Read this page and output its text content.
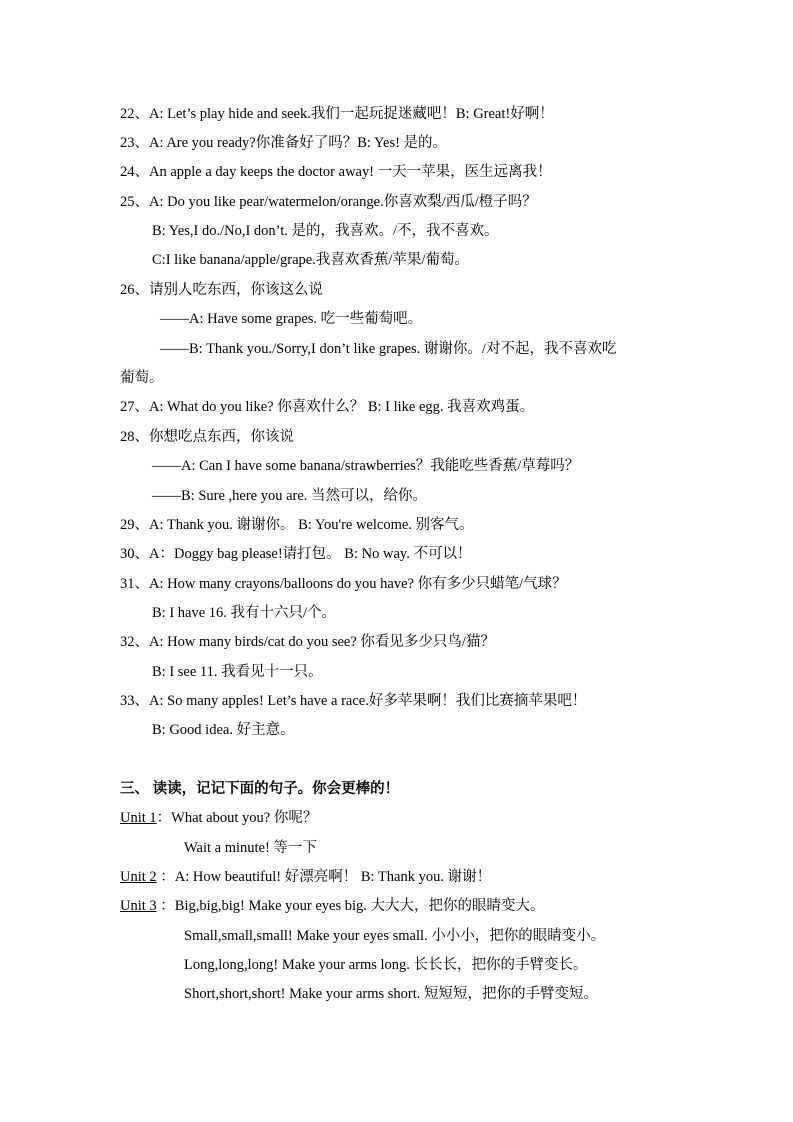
22、A: Let’s play hide and seek.我们一起玩捉迷藏吧！B: Great!好啊！
23、A: Are you ready?你准备好了吗？B: Yes! 是的。
24、An apple a day keeps the doctor away! 一天一苹果，医生远离我！
25、A: Do you like pear/watermelon/orange.你喜欢梨/西瓜/橙子吗？
B: Yes,I do./No,I don’t. 是的，我喜欢。/不，我不喜欢。
C:I like banana/apple/grape.我喜欢香蕉/苹果/葡萄。
26、请别人吃东西，你该这么说
——A: Have some grapes. 吃一些葡萄吧。
——B: Thank you./Sorry,I don’t like grapes. 谢谢你。/对不起，我不喜欢吃
葡萄。
27、A: What do you like? 你喜欢什么？ B: I like egg. 我喜欢鸡蛋。
28、你想吃点东西，你该说
——A: Can I have some banana/strawberries？我能吃些香蕉/草莓吗？
——B: Sure ,here you are. 当然可以，给你。
29、A: Thank you. 谢谢你。 B: You're welcome. 别客气。
30、A：Doggy bag please!请打包。 B: No way. 不可以！
31、A: How many crayons/balloons do you have? 你有多少只蜡笔/气球？
B: I have 16. 我有十六只/个。
32、A: How many birds/cat do you see? 你看见多少只鸟/猫？
B: I see 11. 我看见十一只。
33、A: So many apples! Let’s have a race.好多苹果啊！我们比赛摘苹果吧！
B: Good idea. 好主意。
三、 读读，记记下面的句子。你会更棒的！
Unit 1：What about you? 你呢？
Wait a minute! 等一下
Unit 2 ：A: How beautiful! 好漂亮啊！ B: Thank you. 谢谢！
Unit 3 ：Big,big,big! Make your eyes big. 大大大，把你的眼睛变大。
Small,small,small! Make your eyes small. 小小小，把你的眼睛变小。
Long,long,long! Make your arms long. 长长长，把你的手臂变长。
Short,short,short! Make your arms short. 短短短，把你的手臂变短。
